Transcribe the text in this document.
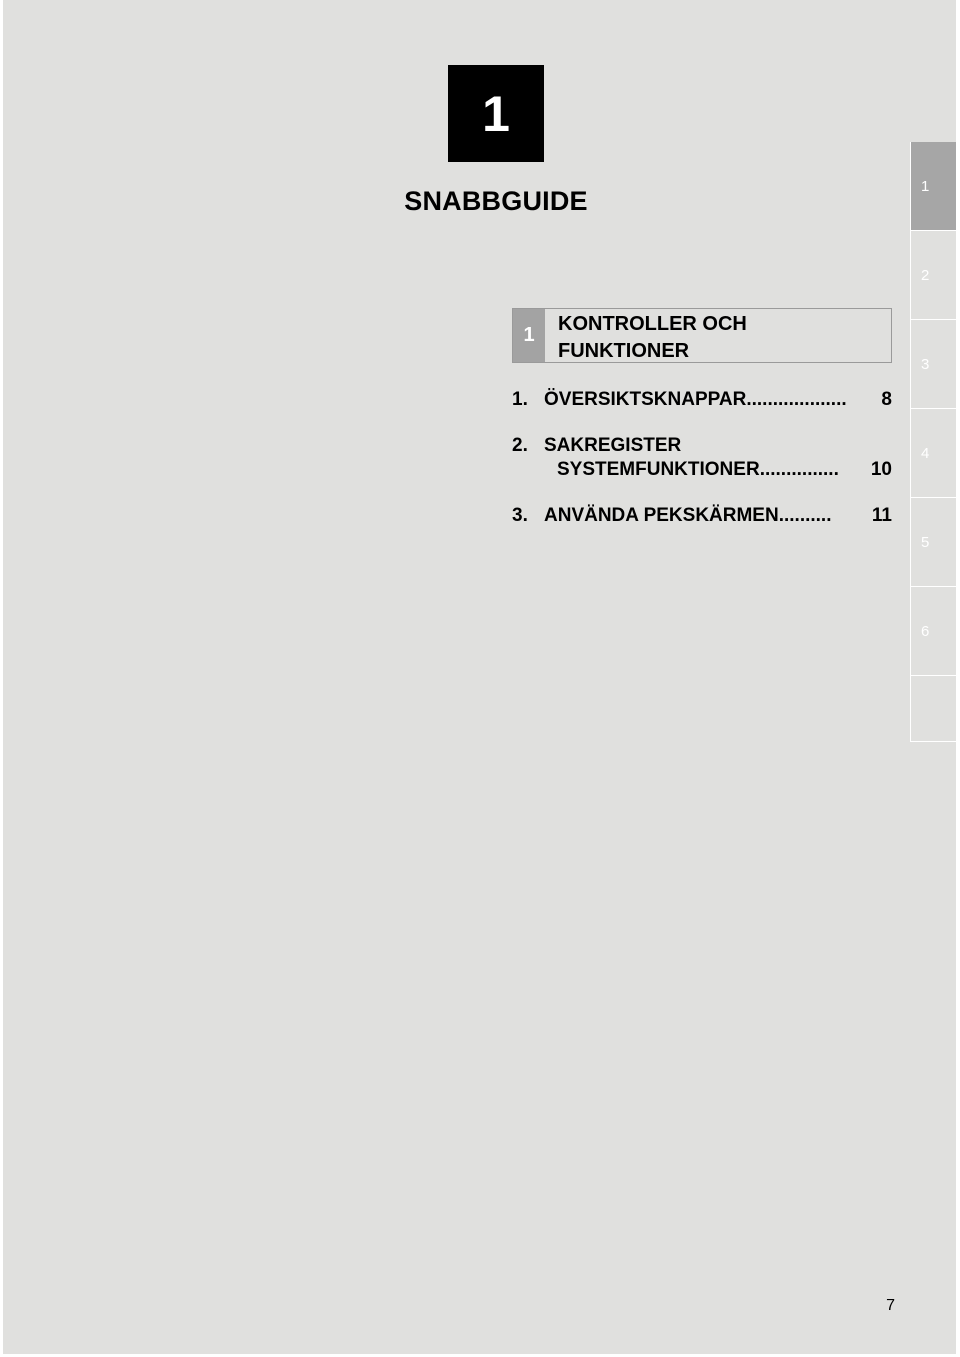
1
SNABBGUIDE
1	KONTROLLER OCH
FUNKTIONER
1. ÖVERSIKTSKNAPPAR................... 8
2. SAKREGISTER
SYSTEMFUNKTIONER............... 10
3. ANVÄNDA PEKSKÄRMEN.......... 11
1
2
3
4
5
6
7
